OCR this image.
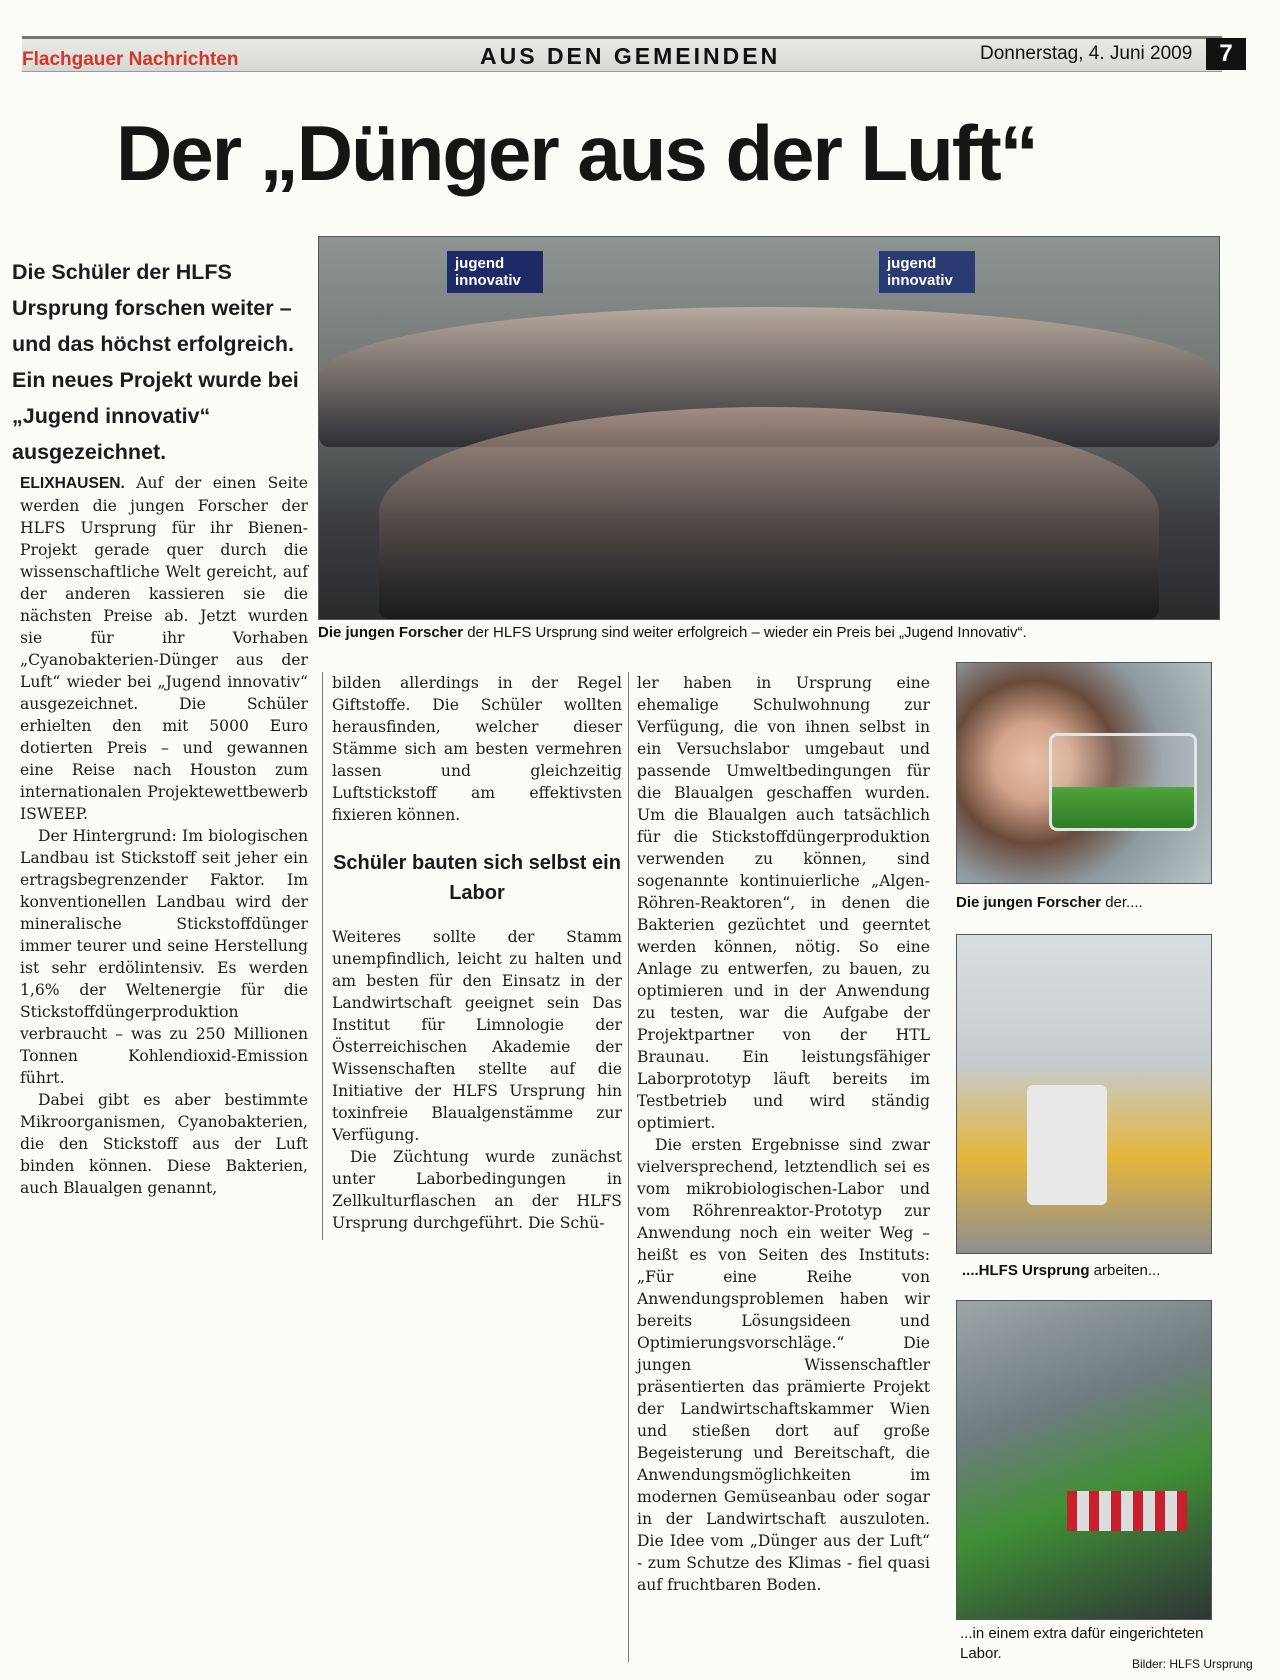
Flachgauer Nachrichten	AUS DEN GEMEINDEN	Donnerstag, 4. Juni 2009	7
Der „Dünger aus der Luft“
Die Schüler der HLFS Ursprung forschen weiter – und das höchst erfolgreich. Ein neues Projekt wurde bei „Jugend innovativ“ ausgezeichnet.
jugend innovativ
jugend innovativ
Die jungen Forscher der HLFS Ursprung sind weiter erfolgreich – wieder ein Preis bei „Jugend Innovativ“.

ELIXHAUSEN. Auf der einen Seite werden die jungen Forscher der HLFS Ursprung für ihr Bienen-Projekt gerade quer durch die wissenschaftliche Welt gereicht, auf der anderen kassieren sie die nächsten Preise ab. Jetzt wurden sie für ihr Vorhaben „Cyanobakterien-Dünger aus der Luft“ wieder bei „Jugend innovativ“ ausgezeichnet. Die Schüler erhielten den mit 5000 Euro dotierten Preis – und gewannen eine Reise nach Houston zum internationalen Projektewettbewerb ISWEEP.

Der Hintergrund: Im biologischen Landbau ist Stickstoff seit jeher ein ertragsbegrenzender Faktor. Im konventionellen Landbau wird der mineralische Stickstoffdünger immer teurer und seine Herstellung ist sehr erdölintensiv. Es werden 1,6% der Weltenergie für die Stickstoffdüngerproduktion verbraucht – was zu 250 Millionen Tonnen Kohlendioxid-Emission führt.

Dabei gibt es aber bestimmte Mikroorganismen, Cyanobakterien, die den Stickstoff aus der Luft binden können. Diese Bakterien, auch Blaualgen genannt,

bilden allerdings in der Regel Giftstoffe. Die Schüler wollten herausfinden, welcher dieser Stämme sich am besten vermehren lassen und gleichzeitig Luftstickstoff am effektivsten fixieren können.

Schüler bauten sich selbst ein Labor

Weiteres sollte der Stamm unempfindlich, leicht zu halten und am besten für den Einsatz in der Landwirtschaft geeignet sein Das Institut für Limnologie der Österreichischen Akademie der Wissenschaften stellte auf die Initiative der HLFS Ursprung hin toxinfreie Blaualgenstämme zur Verfügung.

Die Züchtung wurde zunächst unter Laborbedingungen in Zellkulturflaschen an der HLFS Ursprung durchgeführt. Die Schü-

ler haben in Ursprung eine ehemalige Schulwohnung zur Verfügung, die von ihnen selbst in ein Versuchslabor umgebaut und passende Umweltbedingungen für die Blaualgen geschaffen wurden. Um die Blaualgen auch tatsächlich für die Stickstoffdüngerproduktion verwenden zu können, sind sogenannte kontinuierliche „Algen-Röhren-Reaktoren“, in denen die Bakterien gezüchtet und geerntet werden können, nötig. So eine Anlage zu entwerfen, zu bauen, zu optimieren und in der Anwendung zu testen, war die Aufgabe der Projektpartner von der HTL Braunau. Ein leistungsfähiger Laborprototyp läuft bereits im Testbetrieb und wird ständig optimiert.

Die ersten Ergebnisse sind zwar vielversprechend, letztendlich sei es vom mikrobiologischen-Labor und vom Röhrenreaktor-Prototyp zur Anwendung noch ein weiter Weg – heißt es von Seiten des Instituts: „Für eine Reihe von Anwendungsproblemen haben wir bereits Lösungsideen und Optimierungsvorschläge.“ Die jungen Wissenschaftler präsentierten das prämierte Projekt der Landwirtschaftskammer Wien und stießen dort auf große Begeisterung und Bereitschaft, die Anwendungsmöglichkeiten im modernen Gemüseanbau oder sogar in der Landwirtschaft auszuloten. Die Idee vom „Dünger aus der Luft“ - zum Schutze des Klimas - fiel quasi auf fruchtbaren Boden.

Die jungen Forscher der....
....HLFS Ursprung arbeiten...
...in einem extra dafür eingerichteten Labor.
Bilder: HLFS Ursprung
